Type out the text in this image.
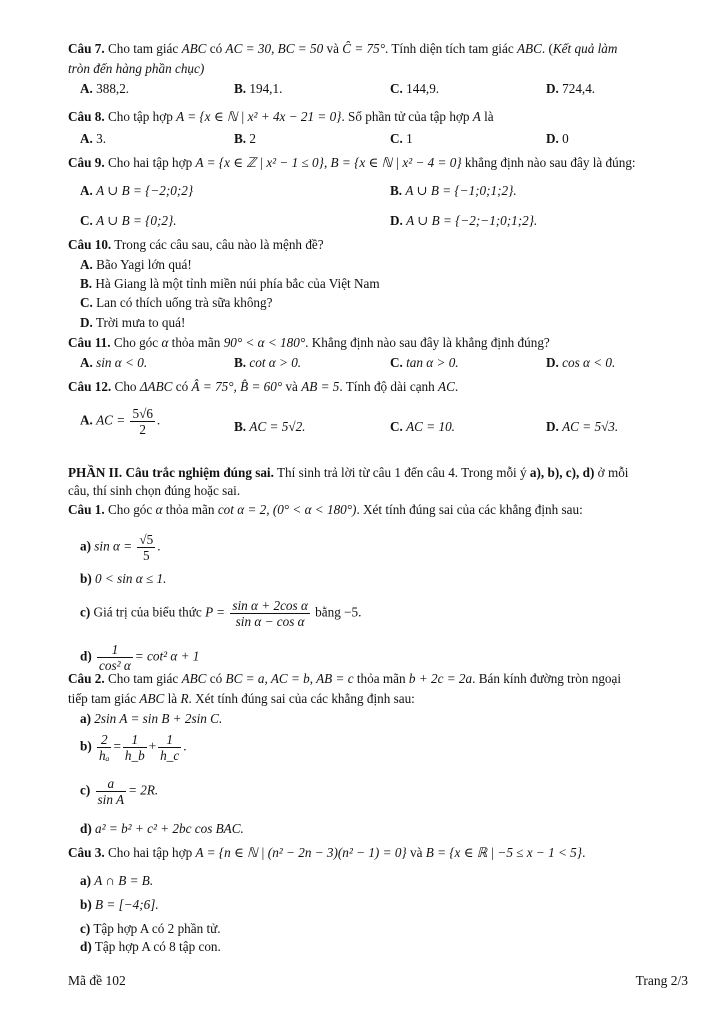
Câu 7. Cho tam giác ABC có AC = 30, BC = 50 và Ĉ = 75°. Tính diện tích tam giác ABC. (Kết quả làm
tròn đến hàng phần chục)
A. 388,2.	B. 194,1.	C. 144,9.	D. 724,4.
Câu 8. Cho tập hợp A = {x ∈ ℕ | x² + 4x − 21 = 0}. Số phần tử của tập hợp A là
A. 3.	B. 2	C. 1	D. 0
Câu 9. Cho hai tập hợp A = {x ∈ ℤ | x² − 1 ≤ 0}, B = {x ∈ ℕ | x² − 4 = 0} khẳng định nào sau đây là đúng:
A. A ∪ B = {−2;0;2}	B. A ∪ B = {−1;0;1;2}.
C. A ∪ B = {0;2}.	D. A ∪ B = {−2;−1;0;1;2}.
Câu 10. Trong các câu sau, câu nào là mệnh đề?
A. Bão Yagi lớn quá!
B. Hà Giang là một tỉnh miền núi phía bắc của Việt Nam
C. Lan có thích uống trà sữa không?
D. Trời mưa to quá!
Câu 11. Cho góc α thỏa mãn 90° < α < 180°. Khẳng định nào sau đây là khẳng định đúng?
A. sin α < 0.	B. cot α > 0.	C. tan α > 0.	D. cos α < 0.
Câu 12. Cho ΔABC có Â = 75°, B̂ = 60° và AB = 5. Tính độ dài cạnh AC.
A. AC = $\frac{5√6}{2}$ .	B. AC = 5√2.	C. AC = 10.	D. AC = 5√3.
PHẦN II. Câu trắc nghiệm đúng sai. Thí sinh trả lời từ câu 1 đến câu 4. Trong mỗi ý a), b), c), d) ở mỗi
câu, thí sinh chọn đúng hoặc sai.
Câu 1. Cho góc α thỏa mãn cot α = 2, (0° < α < 180°). Xét tính đúng sai của các khẳng định sau:
a) $\sin \alpha = \frac{√5}{5}$ .
b) 0 < sin α ≤ 1.
c) Giá trị của biểu thức $P = \frac{\text{sin α + 2cos α}}{\text{sin α − cos α}}$ bằng −5.
$d) \frac{1}{\text{cos² α}} = \cot^2$ α + 1
Câu 2. Cho tam giác ABC có BC = a, AC = b, AB = c thỏa mãn b + 2c = 2a. Bán kính đường tròn ngoại
tiếp tam giác ABC là R. Xét tính đúng sai của các khẳng định sau:
a) 2sin A = sin B + 2sin C.
$b) \frac{2}{\text{hₐ}} = \frac{1}{h\_b} + \frac{1}{h\_c}$ .
$c) \frac{a}{\text{sin A}} = 2R$.
d) a² = b² + c² + 2bc cos BAC.
Câu 3. Cho hai tập hợp A = {n ∈ ℕ | (n² − 2n − 3)(n² − 1) = 0} và B = {x ∈ ℝ | −5 ≤ x − 1 < 5}.
a) A ∩ B = B.
b) B = [−4;6].
c) Tập hợp A có 2 phần tử.
d) Tập hợp A có 8 tập con.
Mã đề 102	Trang 2/3
